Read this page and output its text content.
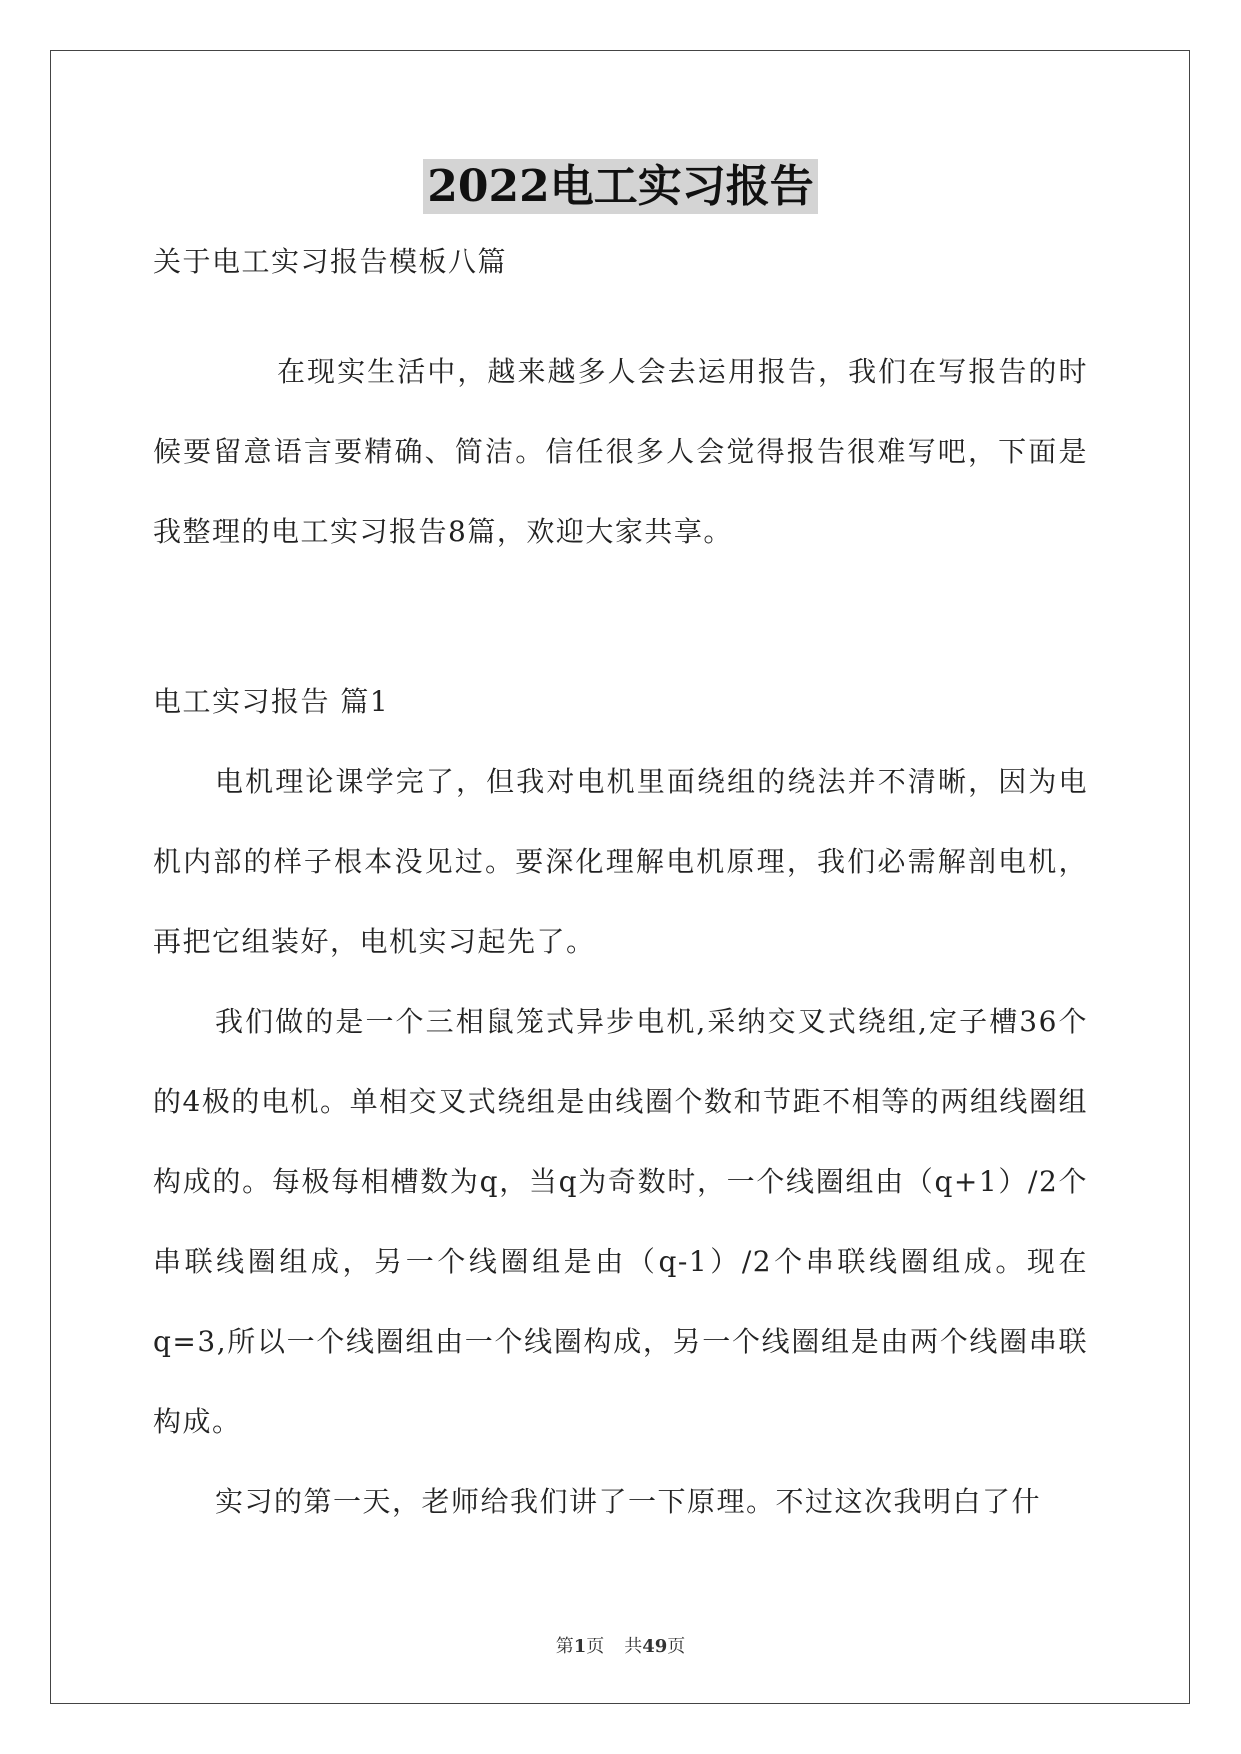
2022电工实习报告

关于电工实习报告模板八篇

在现实生活中，越来越多人会去运用报告，我们在写报告的时候要留意语言要精确、简洁。信任很多人会觉得报告很难写吧，下面是我整理的电工实习报告8篇，欢迎大家共享。

电工实习报告 篇1

电机理论课学完了，但我对电机里面绕组的绕法并不清晰，因为电机内部的样子根本没见过。要深化理解电机原理，我们必需解剖电机，再把它组装好，电机实习起先了。

我们做的是一个三相鼠笼式异步电机,采纳交叉式绕组,定子槽36个的4极的电机。单相交叉式绕组是由线圈个数和节距不相等的两组线圈组构成的。每极每相槽数为q，当q为奇数时，一个线圈组由（q+1）/2个串联线圈组成，另一个线圈组是由（q-1）/2个串联线圈组成。现在q=3,所以一个线圈组由一个线圈构成，另一个线圈组是由两个线圈串联构成。

实习的第一天，老师给我们讲了一下原理。不过这次我明白了什

第1页 共49页
